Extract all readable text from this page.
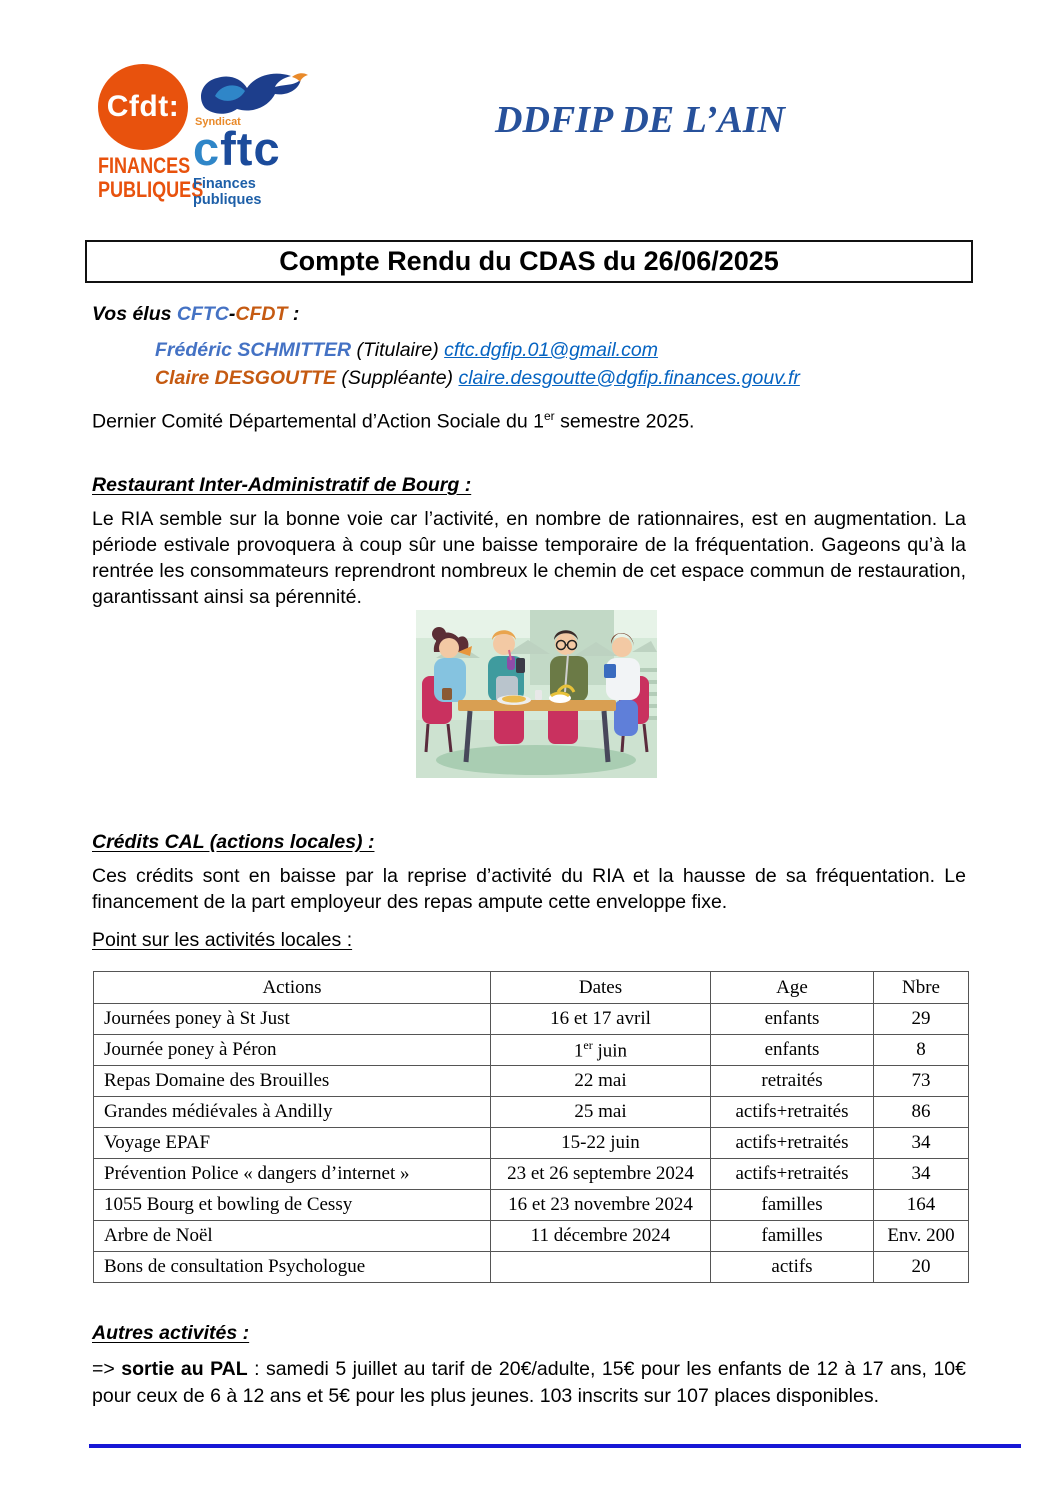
Cfdt:
FINANCES
PUBLIQUES
Syndicat
cftc
Finances publiques
DDFIP DE L’AIN
Compte Rendu du CDAS du 26/06/2025
Vos élus CFTC-CFDT :
Frédéric SCHMITTER (Titulaire) cftc.dgfip.01@gmail.com
Claire DESGOUTTE (Suppléante) claire.desgoutte@dgfip.finances.gouv.fr
Dernier Comité Départemental d’Action Sociale du 1er semestre 2025.
Restaurant Inter-Administratif de Bourg :
Le RIA semble sur la bonne voie car l’activité, en nombre de rationnaires, est en augmentation. La période estivale provoquera à coup sûr une baisse temporaire de la fréquentation. Gageons qu’à la rentrée les consommateurs reprendront nombreux le chemin de cet espace commun de restauration, garantissant ainsi sa pérennité.
Crédits CAL (actions locales) :
Ces crédits sont en baisse par la reprise d’activité du RIA et la hausse de sa fréquentation. Le financement de la part employeur des repas ampute cette enveloppe fixe.
Point sur les activités locales :
Actions	Dates	Age	Nbre
Journées poney à St Just	16 et 17 avril	enfants	29
Journée poney à Péron	1er juin	enfants	8
Repas Domaine des Brouilles	22 mai	retraités	73
Grandes médiévales à Andilly	25 mai	actifs+retraités	86
Voyage EPAF	15-22 juin	actifs+retraités	34
Prévention Police « dangers d’internet »	23 et 26 septembre 2024	actifs+retraités	34
1055 Bourg et bowling de Cessy	16 et 23 novembre 2024	familles	164
Arbre de Noël	11 décembre 2024	familles	Env. 200
Bons de consultation Psychologue		actifs	20
Autres activités :
=> sortie au PAL : samedi 5 juillet au tarif de 20€/adulte, 15€ pour les enfants de 12 à 17 ans, 10€ pour ceux de 6 à 12 ans et 5€ pour les plus jeunes. 103 inscrits sur 107 places disponibles.
